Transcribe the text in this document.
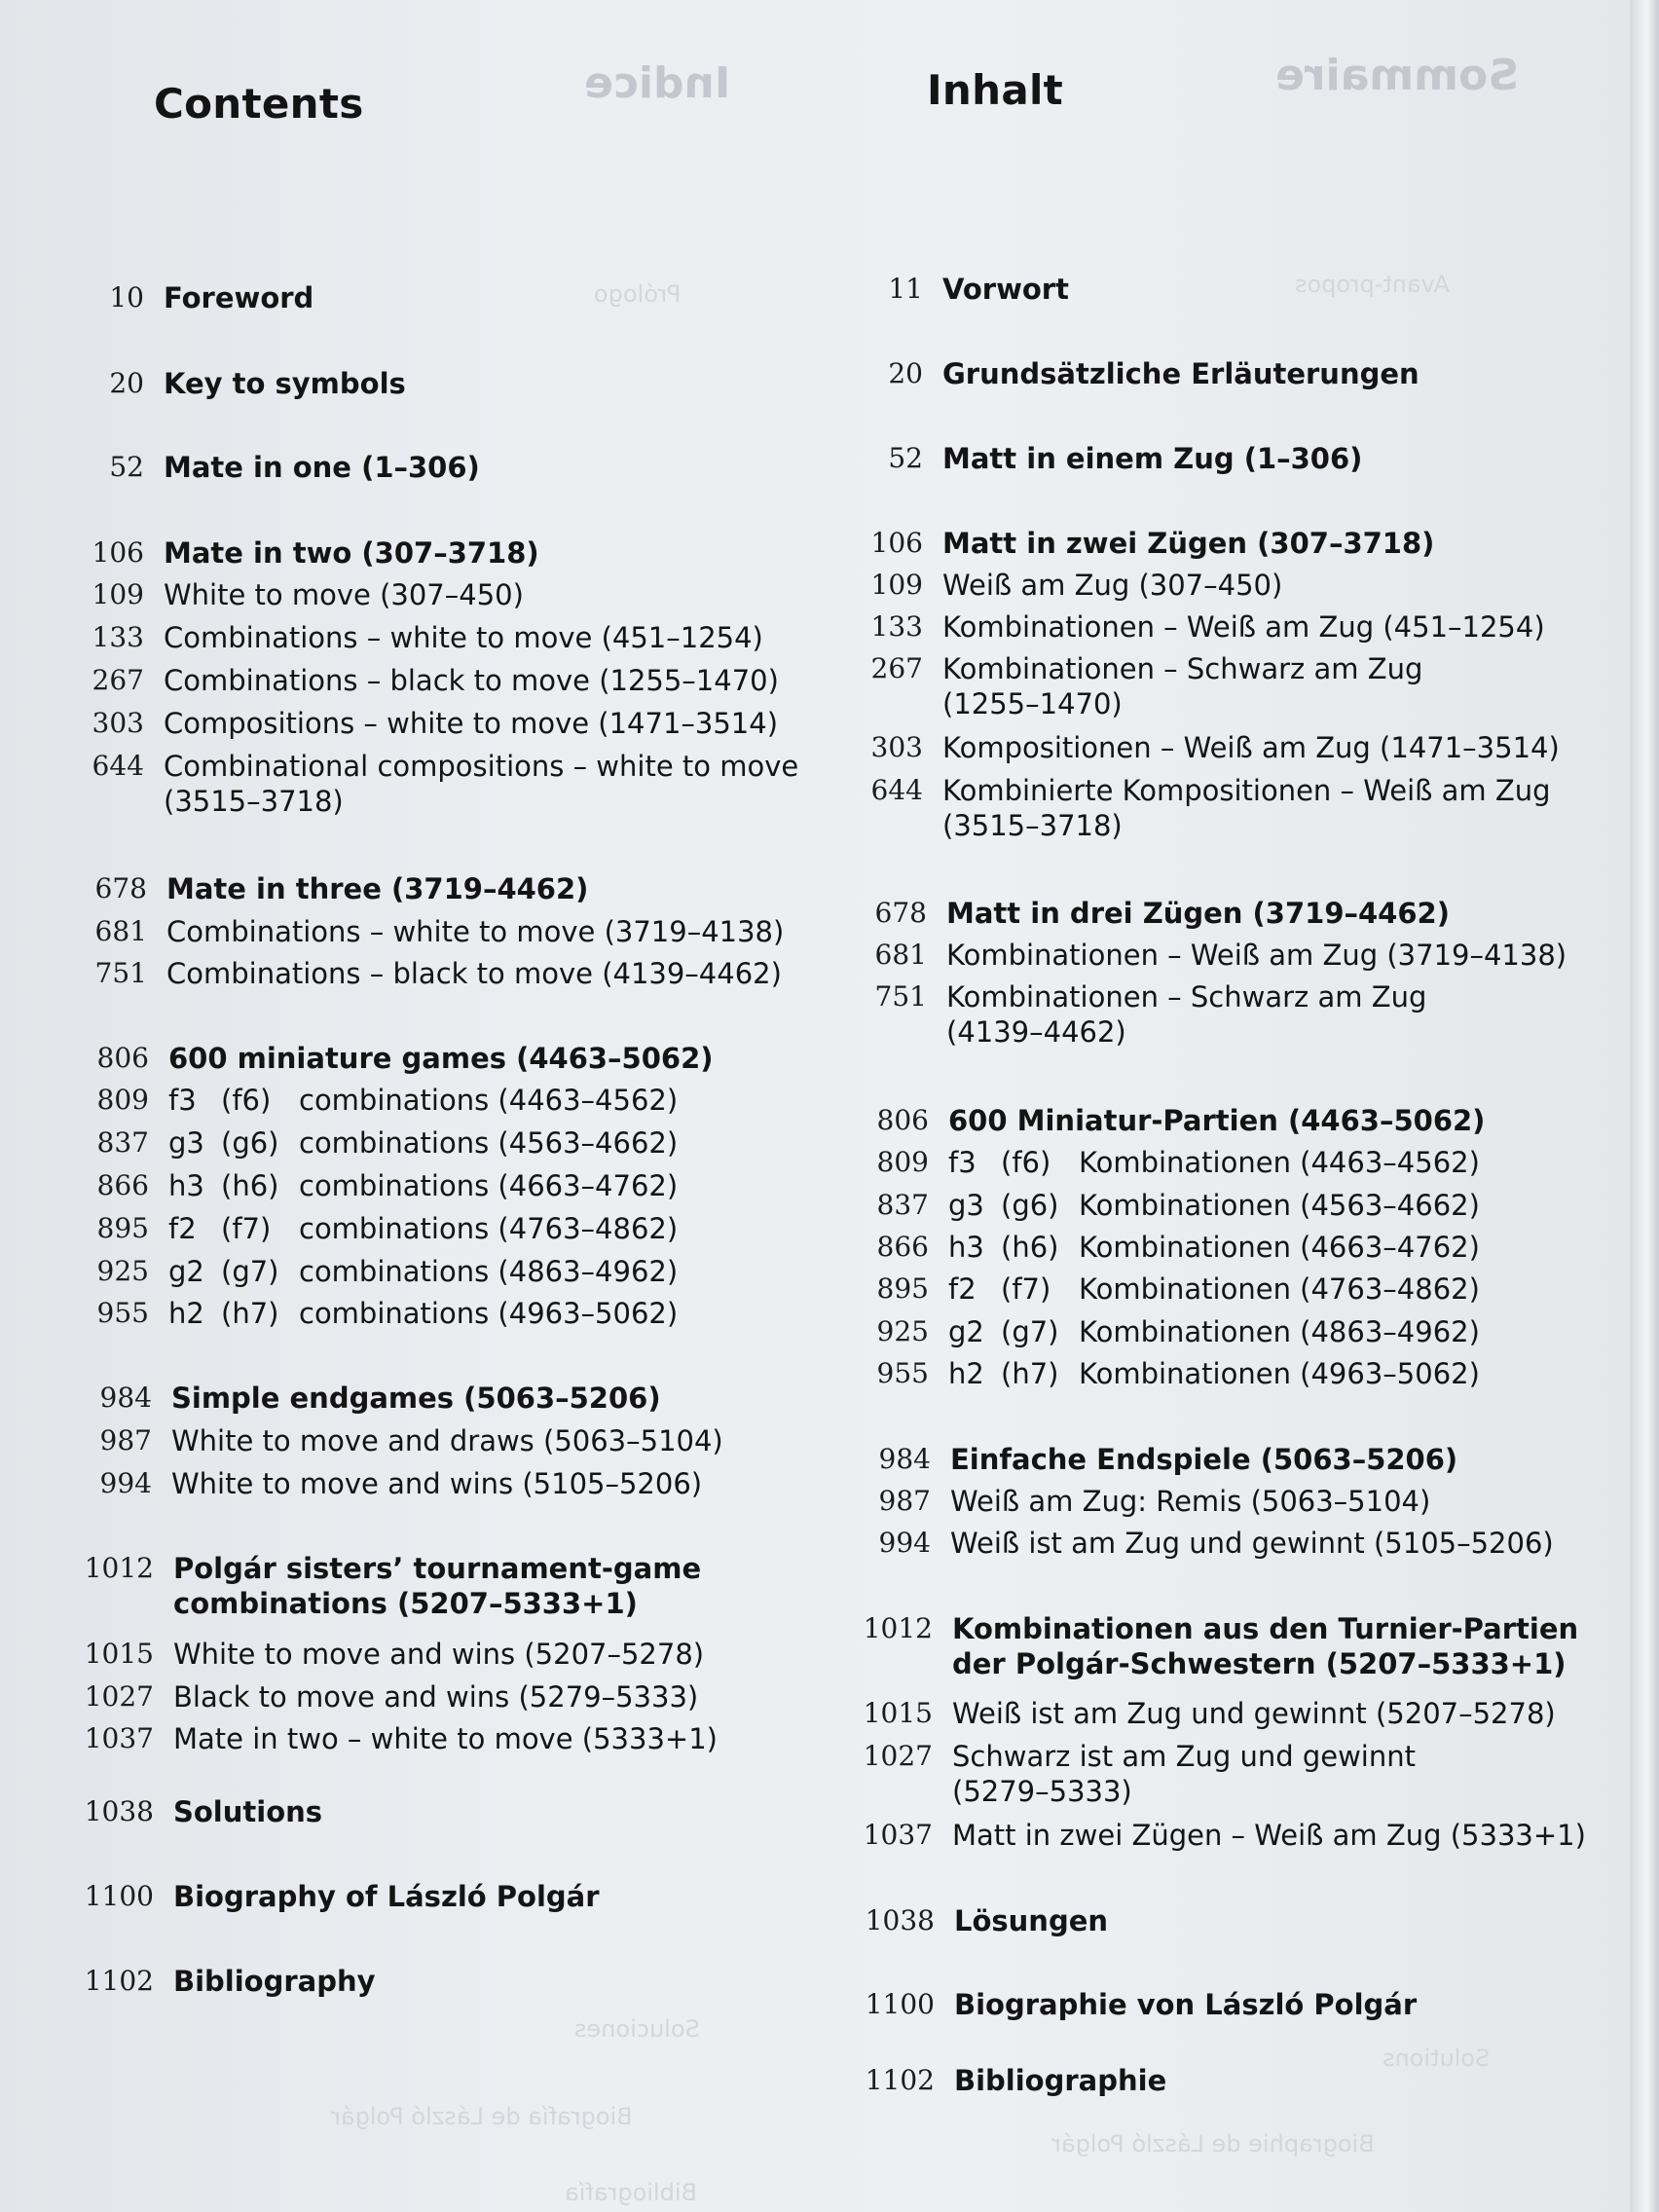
Indice	Sommaire
Prólogo	Avant-propos
Soluciones
Solutions
Biografía de László Polgár
Biographie de László Polgár
Bibliografía
Contents
10 Foreword
20 Key to symbols
52 Mate in one (1–306)
106 Mate in two (307–3718)
109 White to move (307–450)
133 Combinations – white to move (451–1254)
267 Combinations – black to move (1255–1470)
303 Compositions – white to move (1471–3514)
644 Combinational compositions – white to move
(3515–3718)
678 Mate in three (3719–4462)
681 Combinations – white to move (3719–4138)
751 Combinations – black to move (4139–4462)
806 600 miniature games (4463–5062)
809 f3 (f6) combinations (4463–4562)
837 g3 (g6) combinations (4563–4662)
866 h3 (h6) combinations (4663–4762)
895 f2 (f7) combinations (4763–4862)
925 g2 (g7) combinations (4863–4962)
955 h2 (h7) combinations (4963–5062)
984 Simple endgames (5063–5206)
987 White to move and draws (5063–5104)
994 White to move and wins (5105–5206)
1012 Polgár sisters’ tournament-game
combinations (5207–5333+1)
1015 White to move and wins (5207–5278)
1027 Black to move and wins (5279–5333)
1037 Mate in two – white to move (5333+1)
1038 Solutions
1100 Biography of László Polgár
1102 Bibliography
Inhalt
11 Vorwort
20 Grundsätzliche Erläuterungen
52 Matt in einem Zug (1–306)
106 Matt in zwei Zügen (307–3718)
109 Weiß am Zug (307–450)
133 Kombinationen – Weiß am Zug (451–1254)
267 Kombinationen – Schwarz am Zug
(1255–1470)
303 Kompositionen – Weiß am Zug (1471–3514)
644 Kombinierte Kompositionen – Weiß am Zug
(3515–3718)
678 Matt in drei Zügen (3719–4462)
681 Kombinationen – Weiß am Zug (3719–4138)
751 Kombinationen – Schwarz am Zug
(4139–4462)
806 600 Miniatur-Partien (4463–5062)
809 f3 (f6) Kombinationen (4463–4562)
837 g3 (g6) Kombinationen (4563–4662)
866 h3 (h6) Kombinationen (4663–4762)
895 f2 (f7) Kombinationen (4763–4862)
925 g2 (g7) Kombinationen (4863–4962)
955 h2 (h7) Kombinationen (4963–5062)
984 Einfache Endspiele (5063–5206)
987 Weiß am Zug: Remis (5063–5104)
994 Weiß ist am Zug und gewinnt (5105–5206)
1012 Kombinationen aus den Turnier-Partien
der Polgár-Schwestern (5207–5333+1)
1015 Weiß ist am Zug und gewinnt (5207–5278)
1027 Schwarz ist am Zug und gewinnt
(5279–5333)
1037 Matt in zwei Zügen – Weiß am Zug (5333+1)
1038 Lösungen
1100 Biographie von László Polgár
1102 Bibliographie
